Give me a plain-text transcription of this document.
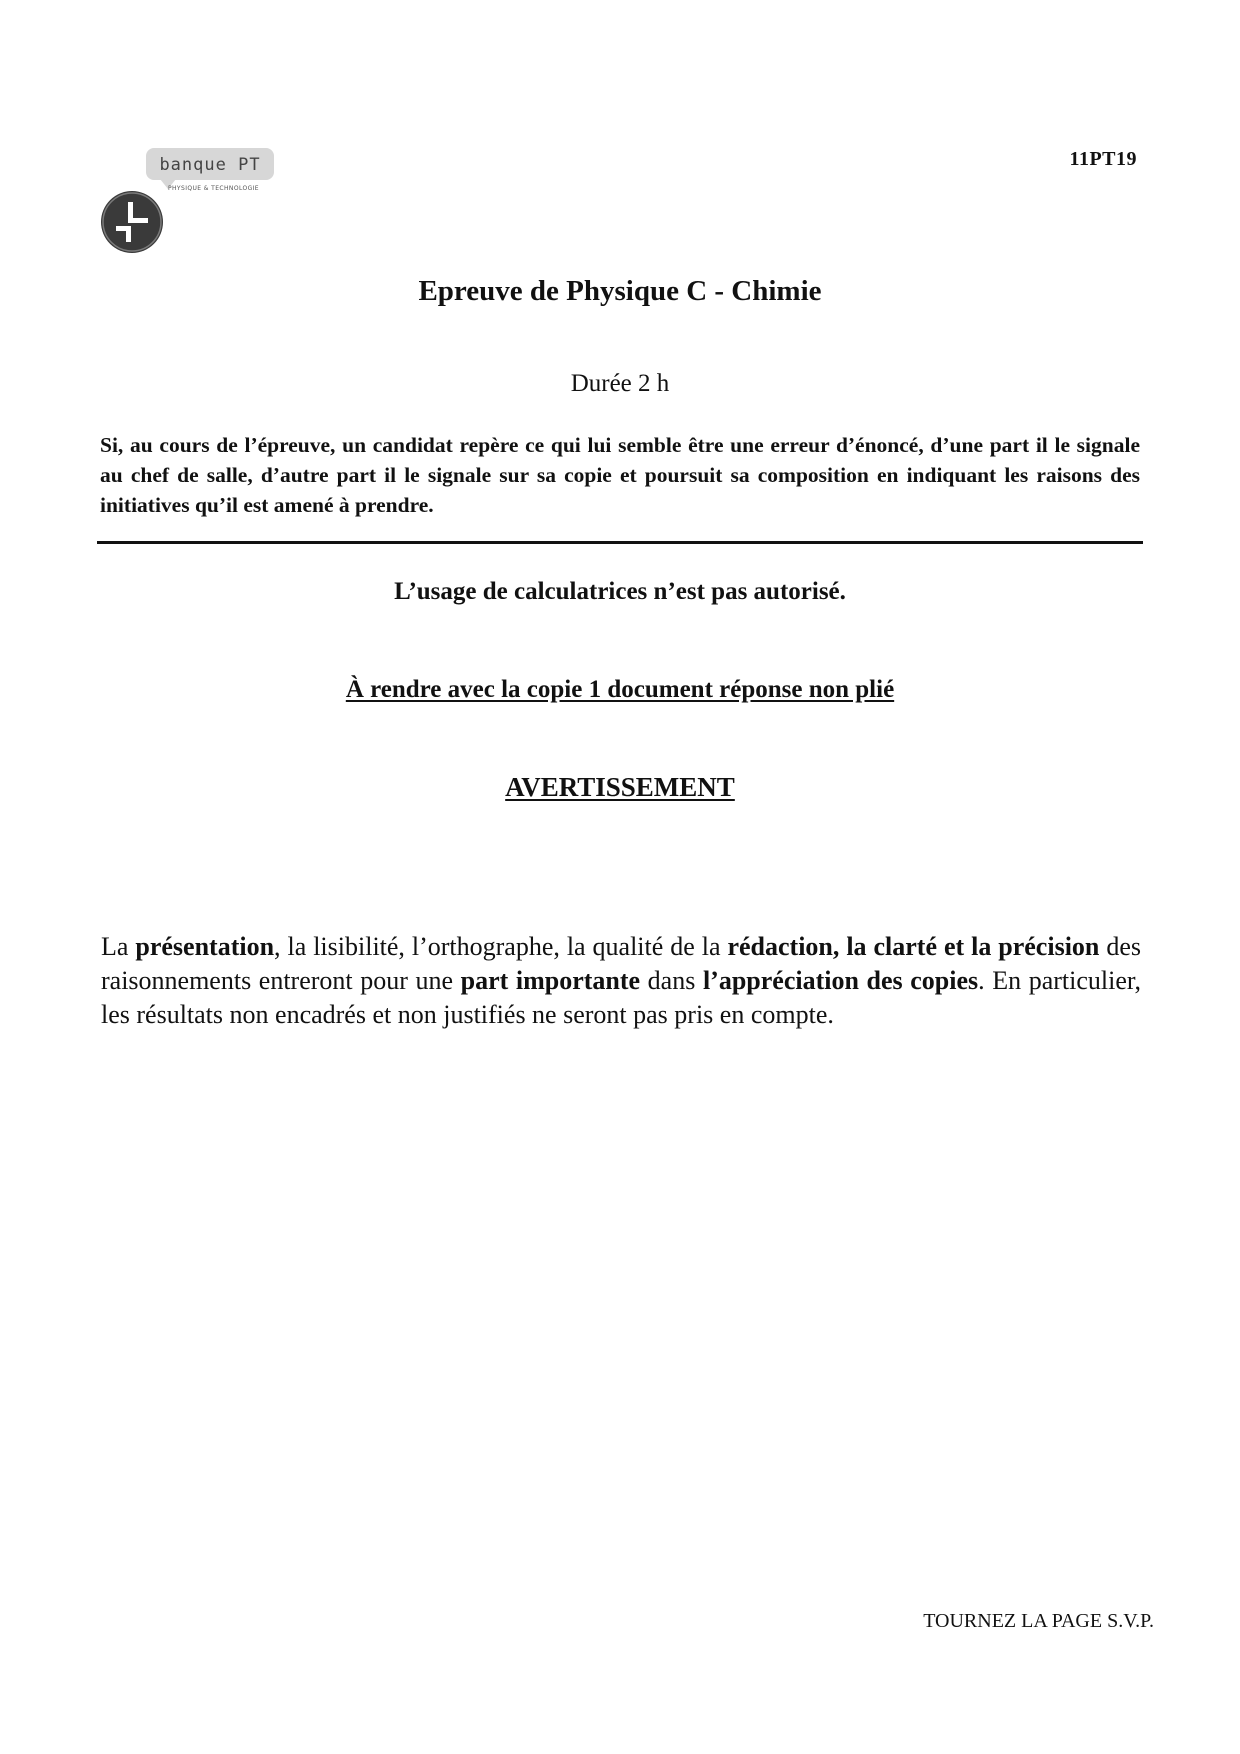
banque PT
PHYSIQUE & TECHNOLOGIE
11PT19
Epreuve de Physique C - Chimie
Durée 2 h
Si, au cours de l’épreuve, un candidat repère ce qui lui semble être une erreur d’énoncé, d’une part il le signale au chef de salle, d’autre part il le signale sur sa copie et poursuit sa composition en indiquant les raisons des initiatives qu’il est amené à prendre.
L’usage de calculatrices n’est pas autorisé.
À rendre avec la copie 1 document réponse non plié
AVERTISSEMENT
La présentation, la lisibilité, l’orthographe, la qualité de la rédaction, la clarté et la précision des raisonnements entreront pour une part importante dans l’appréciation des copies. En particulier, les résultats non encadrés et non justifiés ne seront pas pris en compte.
TOURNEZ LA PAGE S.V.P.
